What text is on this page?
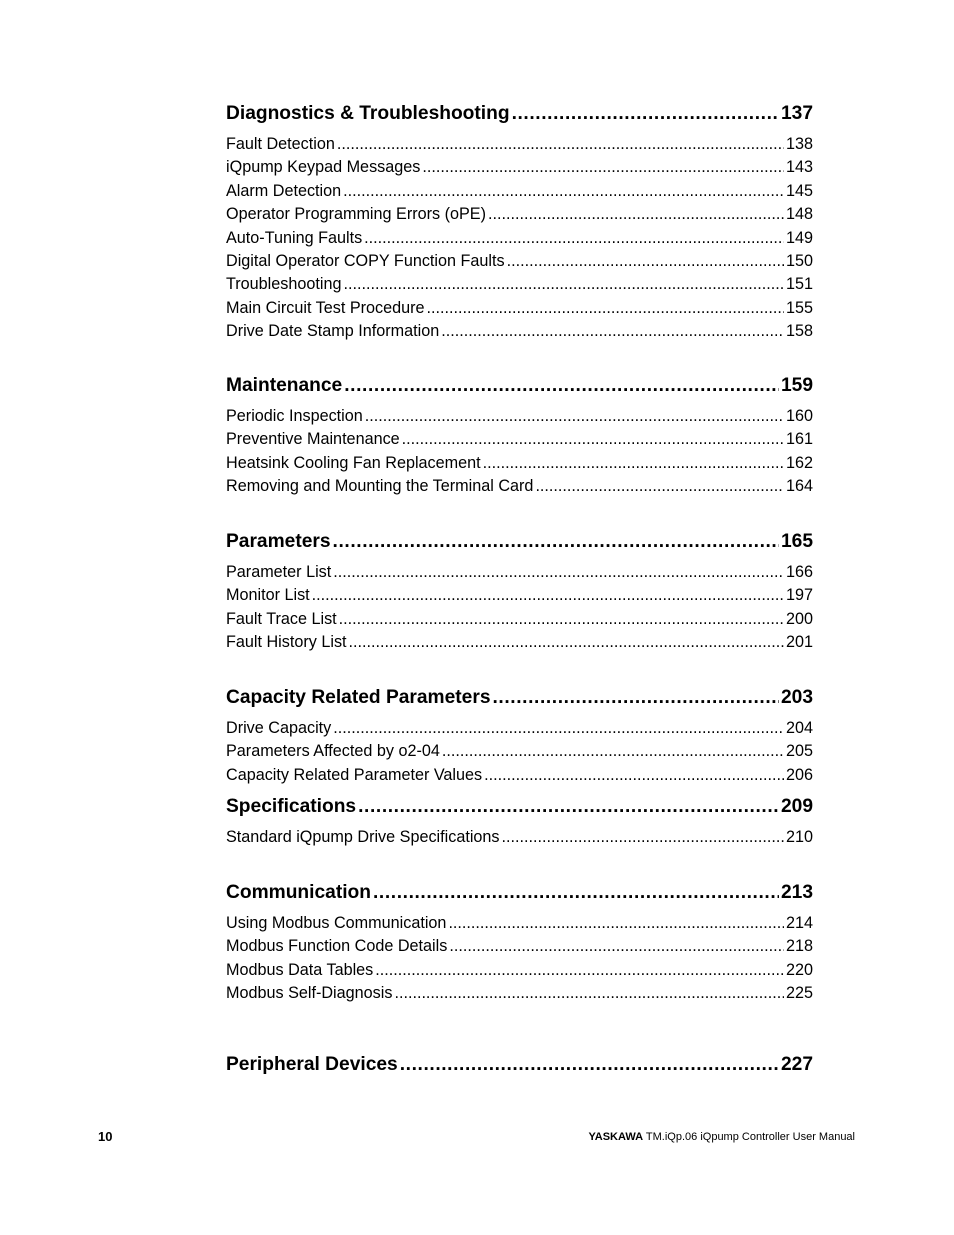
Diagnostics & Troubleshooting .....	137
Fault Detection .....	138
iQpump Keypad Messages .....	143
Alarm Detection .....	145
Operator Programming Errors (oPE) .....	148
Auto-Tuning Faults .....	149
Digital Operator COPY Function Faults .....	150
Troubleshooting .....	151
Main Circuit Test Procedure .....	155
Drive Date Stamp Information .....	158
Maintenance .....	159
Periodic Inspection .....	160
Preventive Maintenance .....	161
Heatsink Cooling Fan Replacement .....	162
Removing and Mounting the Terminal Card .....	164
Parameters .....	165
Parameter List .....	166
Monitor List .....	197
Fault Trace List .....	200
Fault History List .....	201
Capacity Related Parameters .....	203
Drive Capacity .....	204
Parameters Affected by o2-04 .....	205
Capacity Related Parameter Values .....	206
Specifications .....	209
Standard iQpump Drive Specifications .....	210
Communication .....	213
Using Modbus Communication .....	214
Modbus Function Code Details .....	218
Modbus Data Tables .....	220
Modbus Self-Diagnosis .....	225
Peripheral Devices .....	227
10	YASKAWA TM.iQp.06 iQpump Controller User Manual
